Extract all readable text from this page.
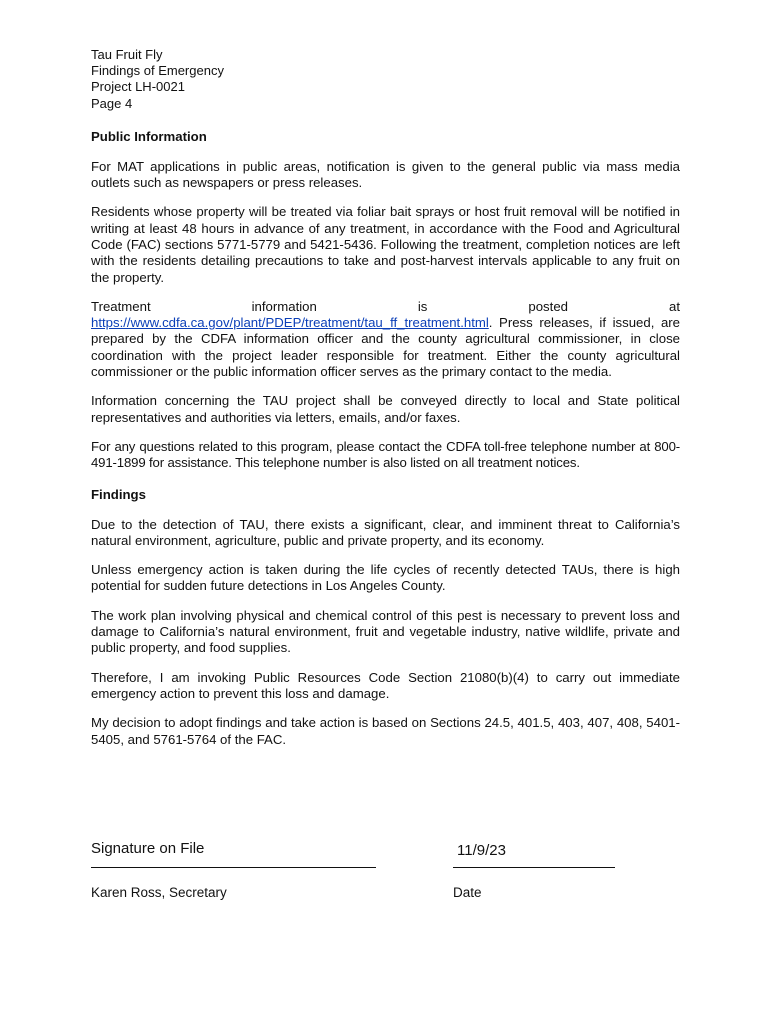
Tau Fruit Fly
Findings of Emergency
Project LH-0021
Page 4
Public Information

For MAT applications in public areas, notification is given to the general public via mass media outlets such as newspapers or press releases.

Residents whose property will be treated via foliar bait sprays or host fruit removal will be notified in writing at least 48 hours in advance of any treatment, in accordance with the Food and Agricultural Code (FAC) sections 5771-5779 and 5421-5436. Following the treatment, completion notices are left with the residents detailing precautions to take and post-harvest intervals applicable to any fruit on the property.

Treatment information is posted at https://www.cdfa.ca.gov/plant/PDEP/treatment/tau_ff_treatment.html. Press releases, if issued, are prepared by the CDFA information officer and the county agricultural commissioner, in close coordination with the project leader responsible for treatment. Either the county agricultural commissioner or the public information officer serves as the primary contact to the media.

Information concerning the TAU project shall be conveyed directly to local and State political representatives and authorities via letters, emails, and/or faxes.

For any questions related to this program, please contact the CDFA toll-free telephone number at 800-491-1899 for assistance. This telephone number is also listed on all treatment notices.

Findings

Due to the detection of TAU, there exists a significant, clear, and imminent threat to California’s natural environment, agriculture, public and private property, and its economy.

Unless emergency action is taken during the life cycles of recently detected TAUs, there is high potential for sudden future detections in Los Angeles County.

The work plan involving physical and chemical control of this pest is necessary to prevent loss and damage to California’s natural environment, fruit and vegetable industry, native wildlife, private and public property, and food supplies.

Therefore, I am invoking Public Resources Code Section 21080(b)(4) to carry out immediate emergency action to prevent this loss and damage.

My decision to adopt findings and take action is based on Sections 24.5, 401.5, 403, 407, 408, 5401-5405, and 5761-5764 of the FAC.

Signature on File	11/9/23
Karen Ross, Secretary	Date
